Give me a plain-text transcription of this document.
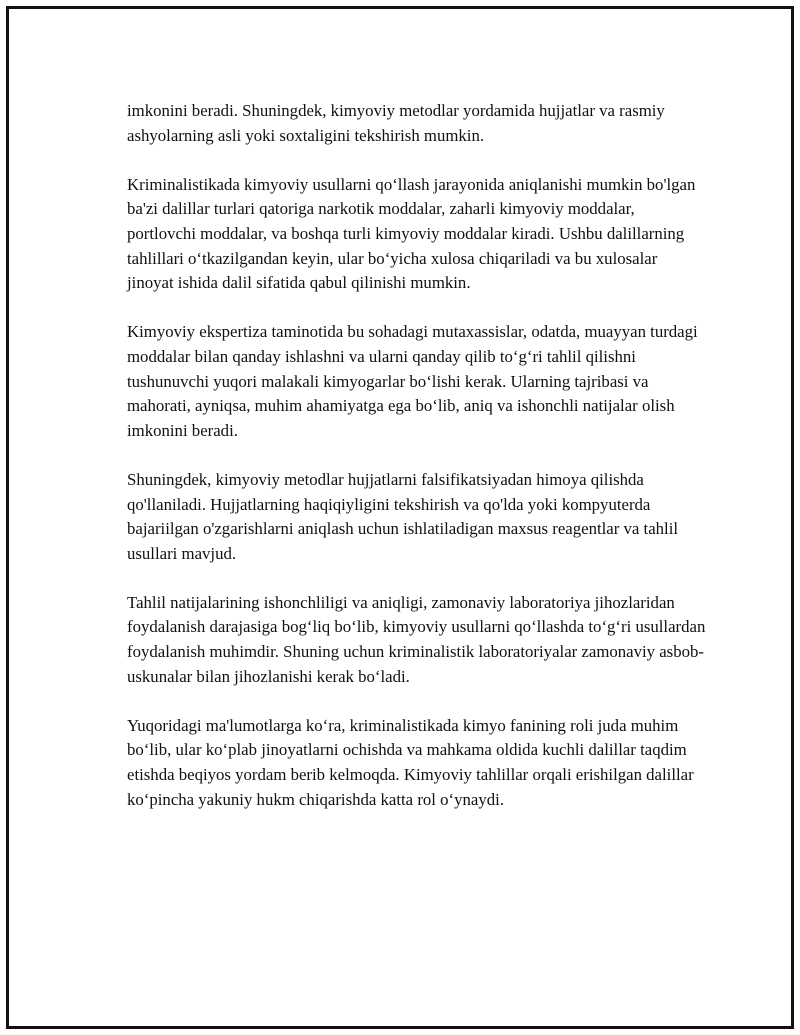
imkonini beradi. Shuningdek, kimyoviy metodlar yordamida hujjatlar va rasmiy ashyolarning asli yoki soxtaligini tekshirish mumkin.

Kriminalistikada kimyoviy usullarni qo‘llash jarayonida aniqlanishi mumkin bo'lgan ba'zi dalillar turlari qatoriga narkotik moddalar, zaharli kimyoviy moddalar, portlovchi moddalar, va boshqa turli kimyoviy moddalar kiradi. Ushbu dalillarning tahlillari o‘tkazilgandan keyin, ular bo‘yicha xulosa chiqariladi va bu xulosalar jinoyat ishida dalil sifatida qabul qilinishi mumkin.

Kimyoviy ekspertiza taminotida bu sohadagi mutaxassislar, odatda, muayyan turdagi moddalar bilan qanday ishlashni va ularni qanday qilib to‘g‘ri tahlil qilishni tushunuvchi yuqori malakali kimyogarlar bo‘lishi kerak. Ularning tajribasi va mahorati, ayniqsa, muhim ahamiyatga ega bo‘lib, aniq va ishonchli natijalar olish imkonini beradi.

Shuningdek, kimyoviy metodlar hujjatlarni falsifikatsiyadan himoya qilishda qo'llaniladi. Hujjatlarning haqiqiyligini tekshirish va qo'lda yoki kompyuterda bajariilgan o'zgarishlarni aniqlash uchun ishlatiladigan maxsus reagentlar va tahlil usullari mavjud.

Tahlil natijalarining ishonchliligi va aniqligi, zamonaviy laboratoriya jihozlaridan foydalanish darajasiga bog‘liq bo‘lib, kimyoviy usullarni qo‘llashda to‘g‘ri usullardan foydalanish muhimdir. Shuning uchun kriminalistik laboratoriyalar zamonaviy asbob-uskunalar bilan jihozlanishi kerak bo‘ladi.

Yuqoridagi ma'lumotlarga ko‘ra, kriminalistikada kimyo fanining roli juda muhim bo‘lib, ular ko‘plab jinoyatlarni ochishda va mahkama oldida kuchli dalillar taqdim etishda beqiyos yordam berib kelmoqda. Kimyoviy tahlillar orqali erishilgan dalillar ko‘pincha yakuniy hukm chiqarishda katta rol o‘ynaydi.
